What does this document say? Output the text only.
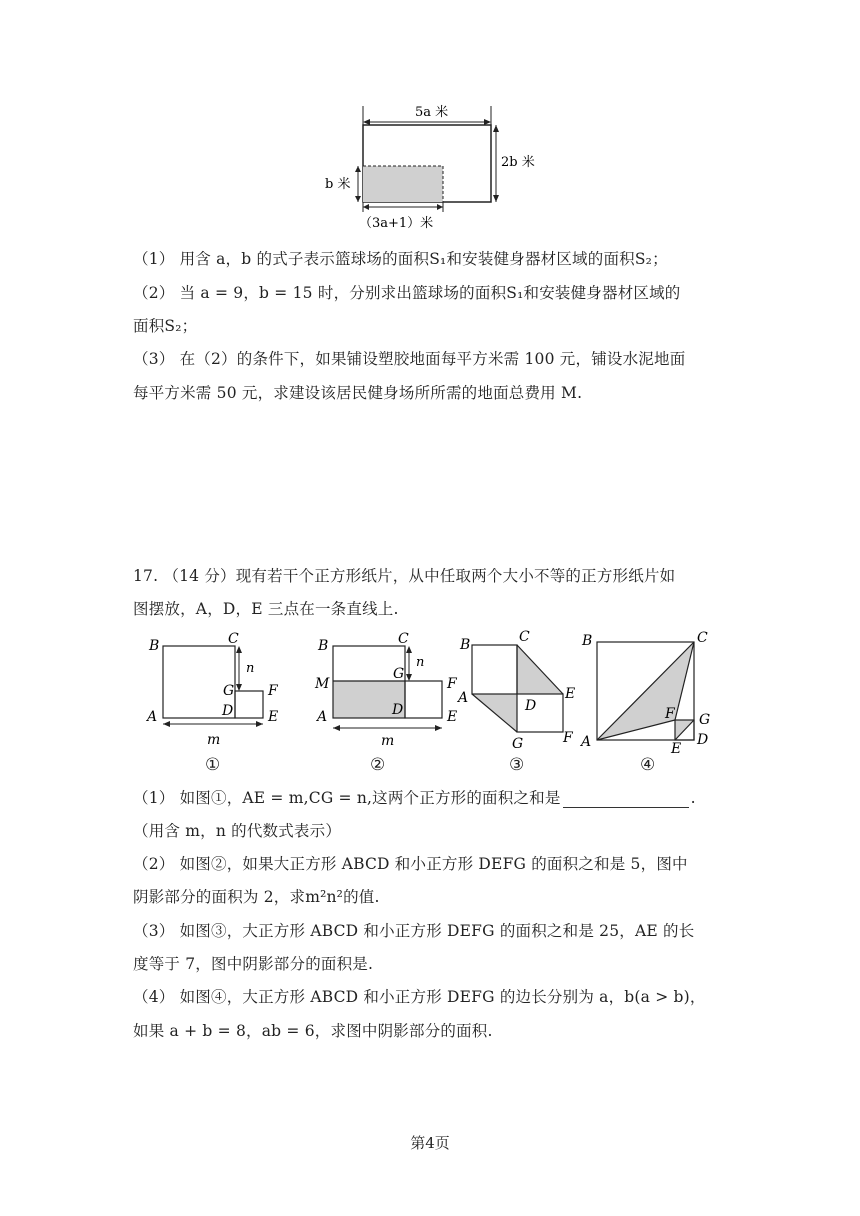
5a 米
2b 米
b 米
（3a+1）米
（1） 用含 a，b 的式子表示篮球场的面积S₁和安装健身器材区域的面积S₂；
（2） 当 a = 9，b = 15 时，分别求出篮球场的面积S₁和安装健身器材区域的
面积S₂；
（3） 在（2）的条件下，如果铺设塑胶地面每平方米需 100 元，铺设水泥地面
每平方米需 50 元，求建设该居民健身场所所需的地面总费用 M.
17. （14 分）现有若干个正方形纸片，从中任取两个大小不等的正方形纸片如
图摆放，A，D，E 三点在一条直线上.
B	C
n
G F
D
A	E
m
①
B	C
n
G
M	F
D
A	E
m
②
B	C
E
A	D
G	F
③
B	C
F G
A	D
E
④
（1） 如图①，AE = m,CG = n,这两个正方形的面积之和是	.
（用含 m，n 的代数式表示）
（2） 如图②，如果大正方形 ABCD 和小正方形 DEFG 的面积之和是 5，图中
阴影部分的面积为 2，求m²n²的值.
（3） 如图③，大正方形 ABCD 和小正方形 DEFG 的面积之和是 25，AE 的长
度等于 7，图中阴影部分的面积是.
（4） 如图④，大正方形 ABCD 和小正方形 DEFG 的边长分别为 a，b(a > b)，
如果 a + b = 8，ab = 6，求图中阴影部分的面积.
第4页
